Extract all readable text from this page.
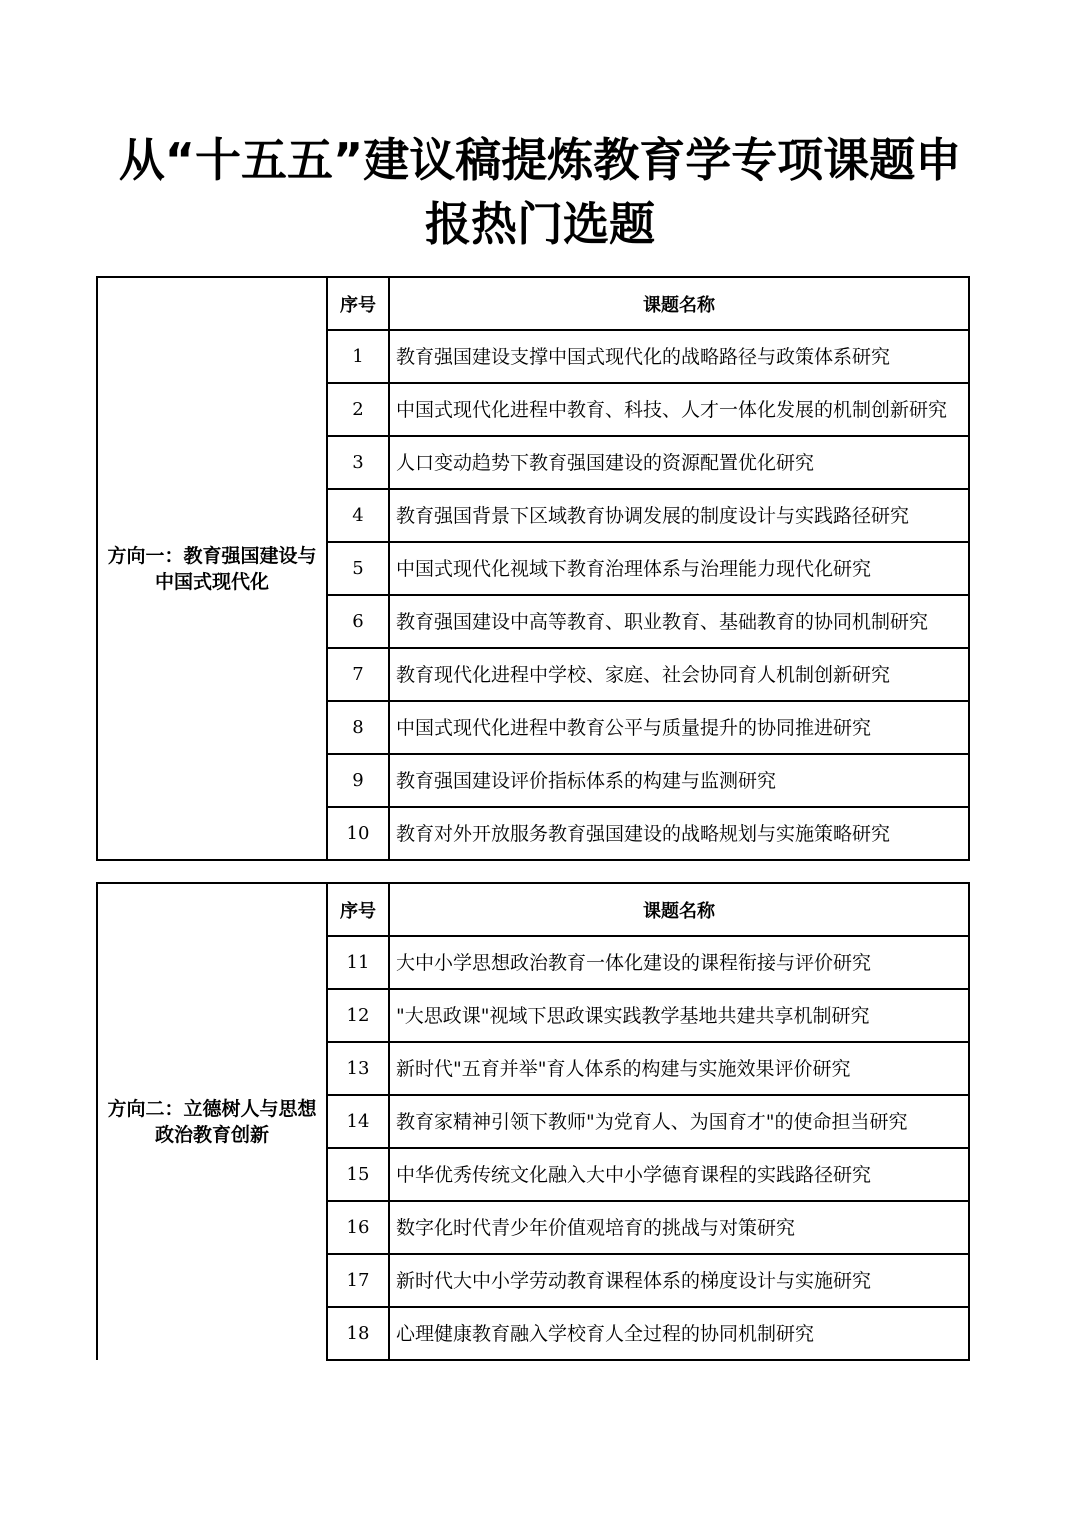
从“十五五”建议稿提炼教育学专项课题申
报热门选题
方向一：教育强国建设与中国式现代化	序号	课题名称
	1	教育强国建设支撑中国式现代化的战略路径与政策体系研究
	2	中国式现代化进程中教育、科技、人才一体化发展的机制创新研究
	3	人口变动趋势下教育强国建设的资源配置优化研究
	4	教育强国背景下区域教育协调发展的制度设计与实践路径研究
	5	中国式现代化视域下教育治理体系与治理能力现代化研究
	6	教育强国建设中高等教育、职业教育、基础教育的协同机制研究
	7	教育现代化进程中学校、家庭、社会协同育人机制创新研究
	8	中国式现代化进程中教育公平与质量提升的协同推进研究
	9	教育强国建设评价指标体系的构建与监测研究
	10	教育对外开放服务教育强国建设的战略规划与实施策略研究
方向二：立德树人与思想政治教育创新	序号	课题名称
	11	大中小学思想政治教育一体化建设的课程衔接与评价研究
	12	"大思政课"视域下思政课实践教学基地共建共享机制研究
	13	新时代"五育并举"育人体系的构建与实施效果评价研究
	14	教育家精神引领下教师"为党育人、为国育才"的使命担当研究
	15	中华优秀传统文化融入大中小学德育课程的实践路径研究
	16	数字化时代青少年价值观培育的挑战与对策研究
	17	新时代大中小学劳动教育课程体系的梯度设计与实施研究
	18	心理健康教育融入学校育人全过程的协同机制研究
